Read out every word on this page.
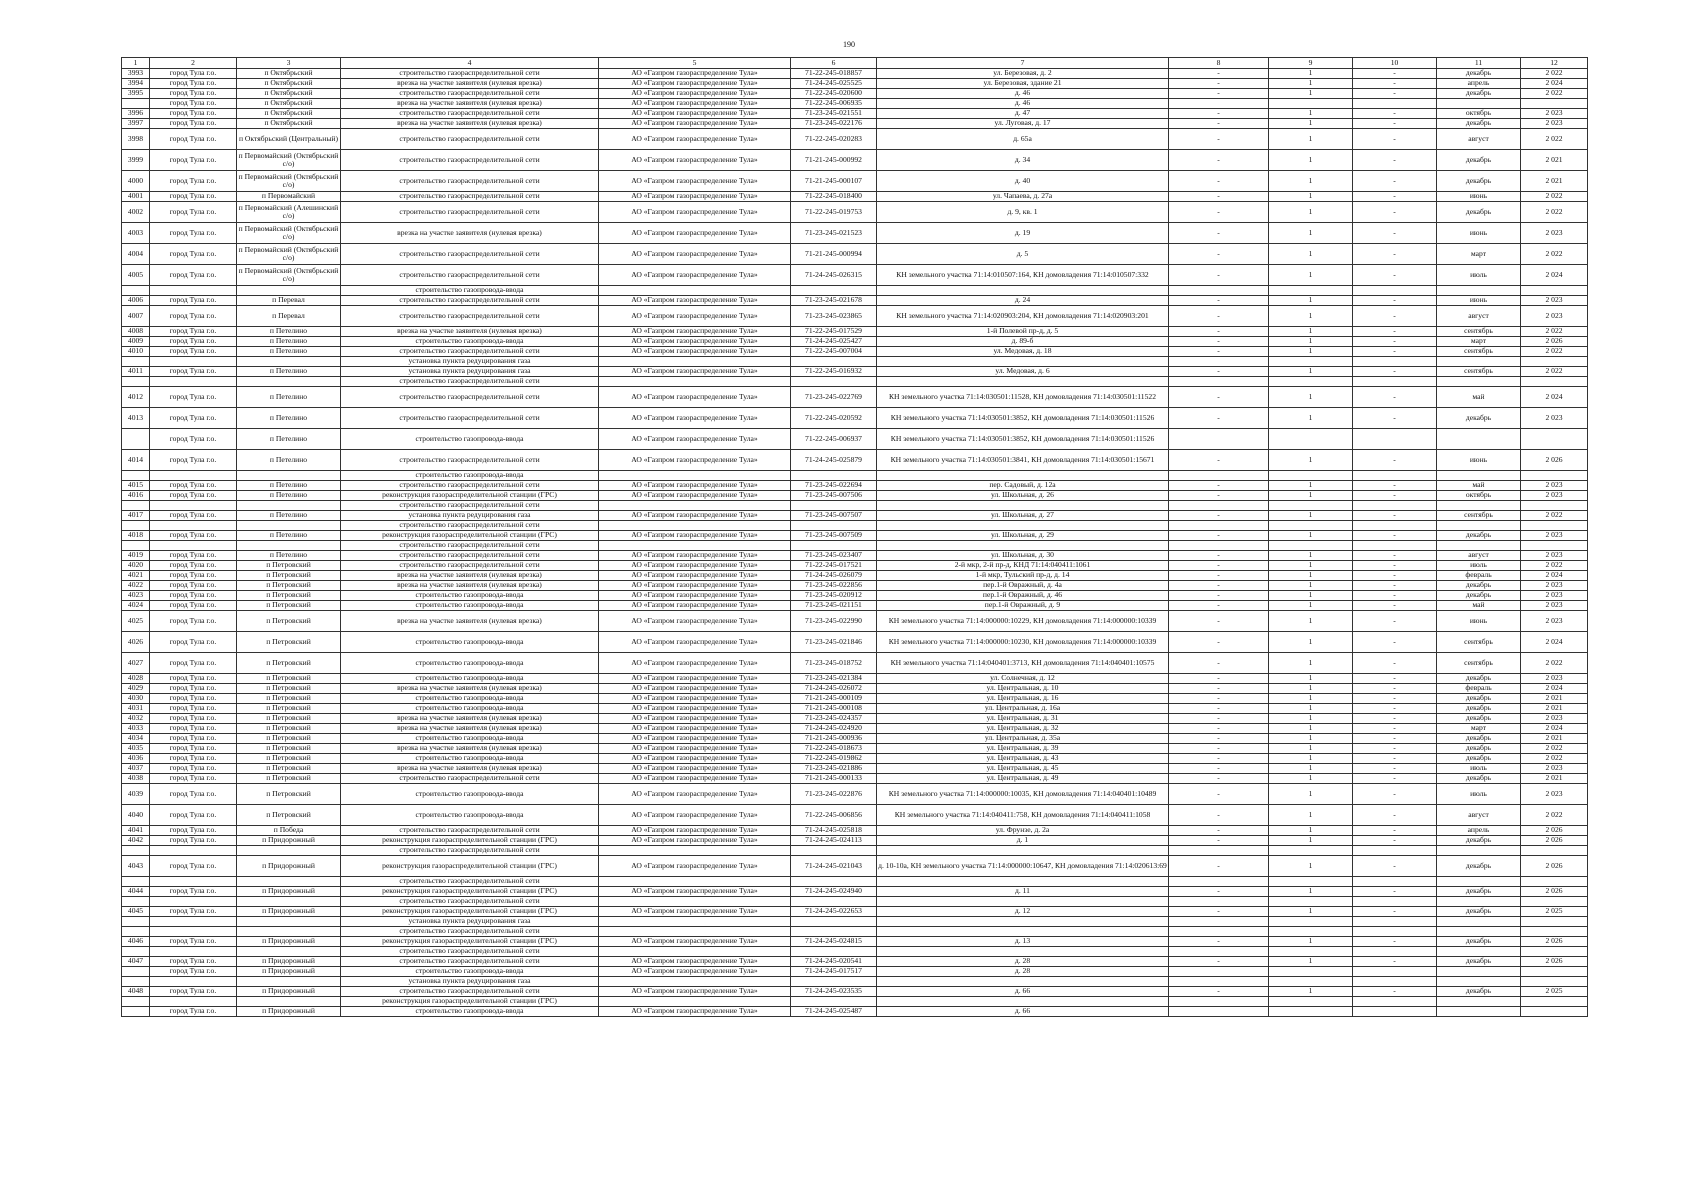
190
1	2	3	4	5	6	7	8	9	10	11	12
3993	город Тула г.о.	п Октябрьский	строительство газораспределительной сети	АО «Газпром газораспределение Тула»	71-22-245-018857	ул. Березовая, д. 2	-	1	-	декабрь	2 022
3994	город Тула г.о.	п Октябрьский	врезка на участке заявителя (нулевая врезка)	АО «Газпром газораспределение Тула»	71-24-245-025525	ул. Березовая, здание 21	-	1	-	апрель	2 024
3995	город Тула г.о.	п Октябрьский	строительство газораспределительной сети	АО «Газпром газораспределение Тула»	71-22-245-020600	д. 46	-	1	-	декабрь	2 022
	город Тула г.о.	п Октябрьский	врезка на участке заявителя (нулевая врезка)	АО «Газпром газораспределение Тула»	71-22-245-006935	д. 46					
3996	город Тула г.о.	п Октябрьский	строительство газораспределительной сети	АО «Газпром газораспределение Тула»	71-23-245-021551	д. 47	-	1	-	октябрь	2 023
3997	город Тула г.о.	п Октябрьский	врезка на участке заявителя (нулевая врезка)	АО «Газпром газораспределение Тула»	71-23-245-022176	ул. Луговая, д. 17	-	1	-	декабрь	2 023
3998	город Тула г.о.	п Октябрьский (Центральный)	строительство газораспределительной сети	АО «Газпром газораспределение Тула»	71-22-245-020283	д. 65а	-	1	-	август	2 022
3999	город Тула г.о.	п Первомайский (Октябрьский с/о)	строительство газораспределительной сети	АО «Газпром газораспределение Тула»	71-21-245-000992	д. 34	-	1	-	декабрь	2 021
4000	город Тула г.о.	п Первомайский (Октябрьский с/о)	строительство газораспределительной сети	АО «Газпром газораспределение Тула»	71-21-245-000107	д. 40	-	1	-	декабрь	2 021
4001	город Тула г.о.	п Первомайский	строительство газораспределительной сети	АО «Газпром газораспределение Тула»	71-22-245-018400	ул. Чапаева, д. 27а	-	1	-	июнь	2 022
4002	город Тула г.о.	п Первомайский (Алешинский с/о)	строительство газораспределительной сети	АО «Газпром газораспределение Тула»	71-22-245-019753	д. 9, кв. 1	-	1	-	декабрь	2 022
4003	город Тула г.о.	п Первомайский (Октябрьский с/о)	врезка на участке заявителя (нулевая врезка)	АО «Газпром газораспределение Тула»	71-23-245-021523	д. 19	-	1	-	июнь	2 023
4004	город Тула г.о.	п Первомайский (Октябрьский с/о)	строительство газораспределительной сети	АО «Газпром газораспределение Тула»	71-21-245-000994	д. 5	-	1	-	март	2 022
4005	город Тула г.о.	п Первомайский (Октябрьский с/о)	строительство газораспределительной сети	АО «Газпром газораспределение Тула»	71-24-245-026315	КН земельного участка 71:14:010507:164, КН домовладения 71:14:010507:332	-	1	-	июль	2 024
			строительство газопровода-ввода								
4006	город Тула г.о.	п Перевал	строительство газораспределительной сети	АО «Газпром газораспределение Тула»	71-23-245-021678	д. 24	-	1	-	июнь	2 023
4007	город Тула г.о.	п Перевал	строительство газораспределительной сети	АО «Газпром газораспределение Тула»	71-23-245-023865	КН земельного участка 71:14:020903:204, КН домовладения 71:14:020903:201	-	1	-	август	2 023
4008	город Тула г.о.	п Петелино	врезка на участке заявителя (нулевая врезка)	АО «Газпром газораспределение Тула»	71-22-245-017529	1-й Полевой пр-д, д. 5	-	1	-	сентябрь	2 022
4009	город Тула г.о.	п Петелино	строительство газопровода-ввода	АО «Газпром газораспределение Тула»	71-24-245-025427	д. 89-б	-	1	-	март	2 026
4010	город Тула г.о.	п Петелино	строительство газораспределительной сети	АО «Газпром газораспределение Тула»	71-22-245-007004	ул. Медовая, д. 18	-	1	-	сентябрь	2 022
			установка пункта редуцирования газа								
4011	город Тула г.о.	п Петелино	установка пункта редуцирования газа	АО «Газпром газораспределение Тула»	71-22-245-016932	ул. Медовая, д. 6	-	1	-	сентябрь	2 022
			строительство газораспределительной сети								
4012	город Тула г.о.	п Петелино	строительство газораспределительной сети	АО «Газпром газораспределение Тула»	71-23-245-022769	КН земельного участка 71:14:030501:11528, КН домовладения 71:14:030501:11522	-	1	-	май	2 024
4013	город Тула г.о.	п Петелино	строительство газораспределительной сети	АО «Газпром газораспределение Тула»	71-22-245-020592	КН земельного участка 71:14:030501:3852, КН домовладения 71:14:030501:11526	-	1	-	декабрь	2 023
	город Тула г.о.	п Петелино	строительство газопровода-ввода	АО «Газпром газораспределение Тула»	71-22-245-006937	КН земельного участка 71:14:030501:3852, КН домовладения 71:14:030501:11526					
4014	город Тула г.о.	п Петелино	строительство газораспределительной сети	АО «Газпром газораспределение Тула»	71-24-245-025879	КН земельного участка 71:14:030501:3841, КН домовладения 71:14:030501:15671	-	1	-	июнь	2 026
			строительство газопровода-ввода								
4015	город Тула г.о.	п Петелино	строительство газораспределительной сети	АО «Газпром газораспределение Тула»	71-23-245-022694	пер. Садовый, д. 12а	-	1	-	май	2 023
4016	город Тула г.о.	п Петелино	реконструкция газораспределительной станции (ГРС)	АО «Газпром газораспределение Тула»	71-23-245-007506	ул. Школьная, д. 26	-	1	-	октябрь	2 023
			строительство газораспределительной сети								
4017	город Тула г.о.	п Петелино	установка пункта редуцирования газа	АО «Газпром газораспределение Тула»	71-23-245-007507	ул. Школьная, д. 27	-	1	-	сентябрь	2 022
			строительство газораспределительной сети								
4018	город Тула г.о.	п Петелино	реконструкция газораспределительной станции (ГРС)	АО «Газпром газораспределение Тула»	71-23-245-007509	ул. Школьная, д. 29	-	1	-	декабрь	2 023
			строительство газораспределительной сети								
4019	город Тула г.о.	п Петелино	строительство газораспределительной сети	АО «Газпром газораспределение Тула»	71-23-245-023407	ул. Школьная, д. 30	-	1	-	август	2 023
4020	город Тула г.о.	п Петровский	строительство газораспределительной сети	АО «Газпром газораспределение Тула»	71-22-245-017521	2-й мкр, 2-й пр-д, КНД 71:14:040411:1061	-	1	-	июль	2 022
4021	город Тула г.о.	п Петровский	врезка на участке заявителя (нулевая врезка)	АО «Газпром газораспределение Тула»	71-24-245-026079	1-й мкр, Тульский пр-д, д. 14	-	1	-	февраль	2 024
4022	город Тула г.о.	п Петровский	врезка на участке заявителя (нулевая врезка)	АО «Газпром газораспределение Тула»	71-23-245-022856	пер.1-й Овражный, д. 4а	-	1	-	декабрь	2 023
4023	город Тула г.о.	п Петровский	строительство газопровода-ввода	АО «Газпром газораспределение Тула»	71-23-245-020912	пер.1-й Овражный, д. 46	-	1	-	декабрь	2 023
4024	город Тула г.о.	п Петровский	строительство газопровода-ввода	АО «Газпром газораспределение Тула»	71-23-245-021151	пер.1-й Овражный, д. 9	-	1	-	май	2 023
4025	город Тула г.о.	п Петровский	врезка на участке заявителя (нулевая врезка)	АО «Газпром газораспределение Тула»	71-23-245-022990	КН земельного участка 71:14:000000:10229, КН домовладения 71:14:000000:10339	-	1	-	июнь	2 023
4026	город Тула г.о.	п Петровский	строительство газопровода-ввода	АО «Газпром газораспределение Тула»	71-23-245-021846	КН земельного участка 71:14:000000:10230, КН домовладения 71:14:000000:10339	-	1	-	сентябрь	2 024
4027	город Тула г.о.	п Петровский	строительство газопровода-ввода	АО «Газпром газораспределение Тула»	71-23-245-018752	КН земельного участка 71:14:040401:3713, КН домовладения 71:14:040401:10575	-	1	-	сентябрь	2 022
4028	город Тула г.о.	п Петровский	строительство газопровода-ввода	АО «Газпром газораспределение Тула»	71-23-245-021384	ул. Солнечная, д. 12	-	1	-	декабрь	2 023
4029	город Тула г.о.	п Петровский	врезка на участке заявителя (нулевая врезка)	АО «Газпром газораспределение Тула»	71-24-245-026072	ул. Центральная, д. 10	-	1	-	февраль	2 024
4030	город Тула г.о.	п Петровский	строительство газопровода-ввода	АО «Газпром газораспределение Тула»	71-21-245-000109	ул. Центральная, д. 16	-	1	-	декабрь	2 021
4031	город Тула г.о.	п Петровский	строительство газопровода-ввода	АО «Газпром газораспределение Тула»	71-21-245-000108	ул. Центральная, д. 16а	-	1	-	декабрь	2 021
4032	город Тула г.о.	п Петровский	врезка на участке заявителя (нулевая врезка)	АО «Газпром газораспределение Тула»	71-23-245-024357	ул. Центральная, д. 31	-	1	-	декабрь	2 023
4033	город Тула г.о.	п Петровский	врезка на участке заявителя (нулевая врезка)	АО «Газпром газораспределение Тула»	71-24-245-024920	ул. Центральная, д. 32	-	1	-	март	2 024
4034	город Тула г.о.	п Петровский	строительство газопровода-ввода	АО «Газпром газораспределение Тула»	71-21-245-000936	ул. Центральная, д. 35а	-	1	-	декабрь	2 021
4035	город Тула г.о.	п Петровский	врезка на участке заявителя (нулевая врезка)	АО «Газпром газораспределение Тула»	71-22-245-018673	ул. Центральная, д. 39	-	1	-	декабрь	2 022
4036	город Тула г.о.	п Петровский	строительство газопровода-ввода	АО «Газпром газораспределение Тула»	71-22-245-019862	ул. Центральная, д. 43	-	1	-	декабрь	2 022
4037	город Тула г.о.	п Петровский	врезка на участке заявителя (нулевая врезка)	АО «Газпром газораспределение Тула»	71-23-245-021886	ул. Центральная, д. 45	-	1	-	июль	2 023
4038	город Тула г.о.	п Петровский	строительство газораспределительной сети	АО «Газпром газораспределение Тула»	71-21-245-000133	ул. Центральная, д. 49	-	1	-	декабрь	2 021
4039	город Тула г.о.	п Петровский	строительство газопровода-ввода	АО «Газпром газораспределение Тула»	71-23-245-022876	КН земельного участка 71:14:000000:10035, КН домовладения 71:14:040401:10489	-	1	-	июль	2 023
4040	город Тула г.о.	п Петровский	строительство газопровода-ввода	АО «Газпром газораспределение Тула»	71-22-245-006856	КН земельного участка 71:14:040411:758, КН домовладения 71:14:040411:1058	-	1	-	август	2 022
4041	город Тула г.о.	п Победа	строительство газораспределительной сети	АО «Газпром газораспределение Тула»	71-24-245-025818	ул. Фрунзе, д. 2а	-	1	-	апрель	2 026
4042	город Тула г.о.	п Придорожный	реконструкция газораспределительной станции (ГРС)	АО «Газпром газораспределение Тула»	71-24-245-024113	д. 1	-	1	-	декабрь	2 026
			строительство газораспределительной сети								
4043	город Тула г.о.	п Придорожный	реконструкция газораспределительной станции (ГРС)	АО «Газпром газораспределение Тула»	71-24-245-021043	д. 10-10а, КН земельного участка 71:14:000000:10647, КН домовладения 71:14:020613:69	-	1	-	декабрь	2 026
			строительство газораспределительной сети								
4044	город Тула г.о.	п Придорожный	реконструкция газораспределительной станции (ГРС)	АО «Газпром газораспределение Тула»	71-24-245-024940	д. 11	-	1	-	декабрь	2 026
			строительство газораспределительной сети								
4045	город Тула г.о.	п Придорожный	реконструкция газораспределительной станции (ГРС)	АО «Газпром газораспределение Тула»	71-24-245-022653	д. 12	-	1	-	декабрь	2 025
			установка пункта редуцирования газа								
			строительство газораспределительной сети								
4046	город Тула г.о.	п Придорожный	реконструкция газораспределительной станции (ГРС)	АО «Газпром газораспределение Тула»	71-24-245-024815	д. 13	-	1	-	декабрь	2 026
			строительство газораспределительной сети								
4047	город Тула г.о.	п Придорожный	строительство газораспределительной сети	АО «Газпром газораспределение Тула»	71-24-245-020541	д. 28	-	1	-	декабрь	2 026
	город Тула г.о.	п Придорожный	строительство газопровода-ввода	АО «Газпром газораспределение Тула»	71-24-245-017517	д. 28					
			установка пункта редуцирования газа								
4048	город Тула г.о.	п Придорожный	строительство газораспределительной сети	АО «Газпром газораспределение Тула»	71-24-245-023535	д. 66	-	1	-	декабрь	2 025
			реконструкция газораспределительной станции (ГРС)								
	город Тула г.о.	п Придорожный	строительство газопровода-ввода	АО «Газпром газораспределение Тула»	71-24-245-025487	д. 66					
